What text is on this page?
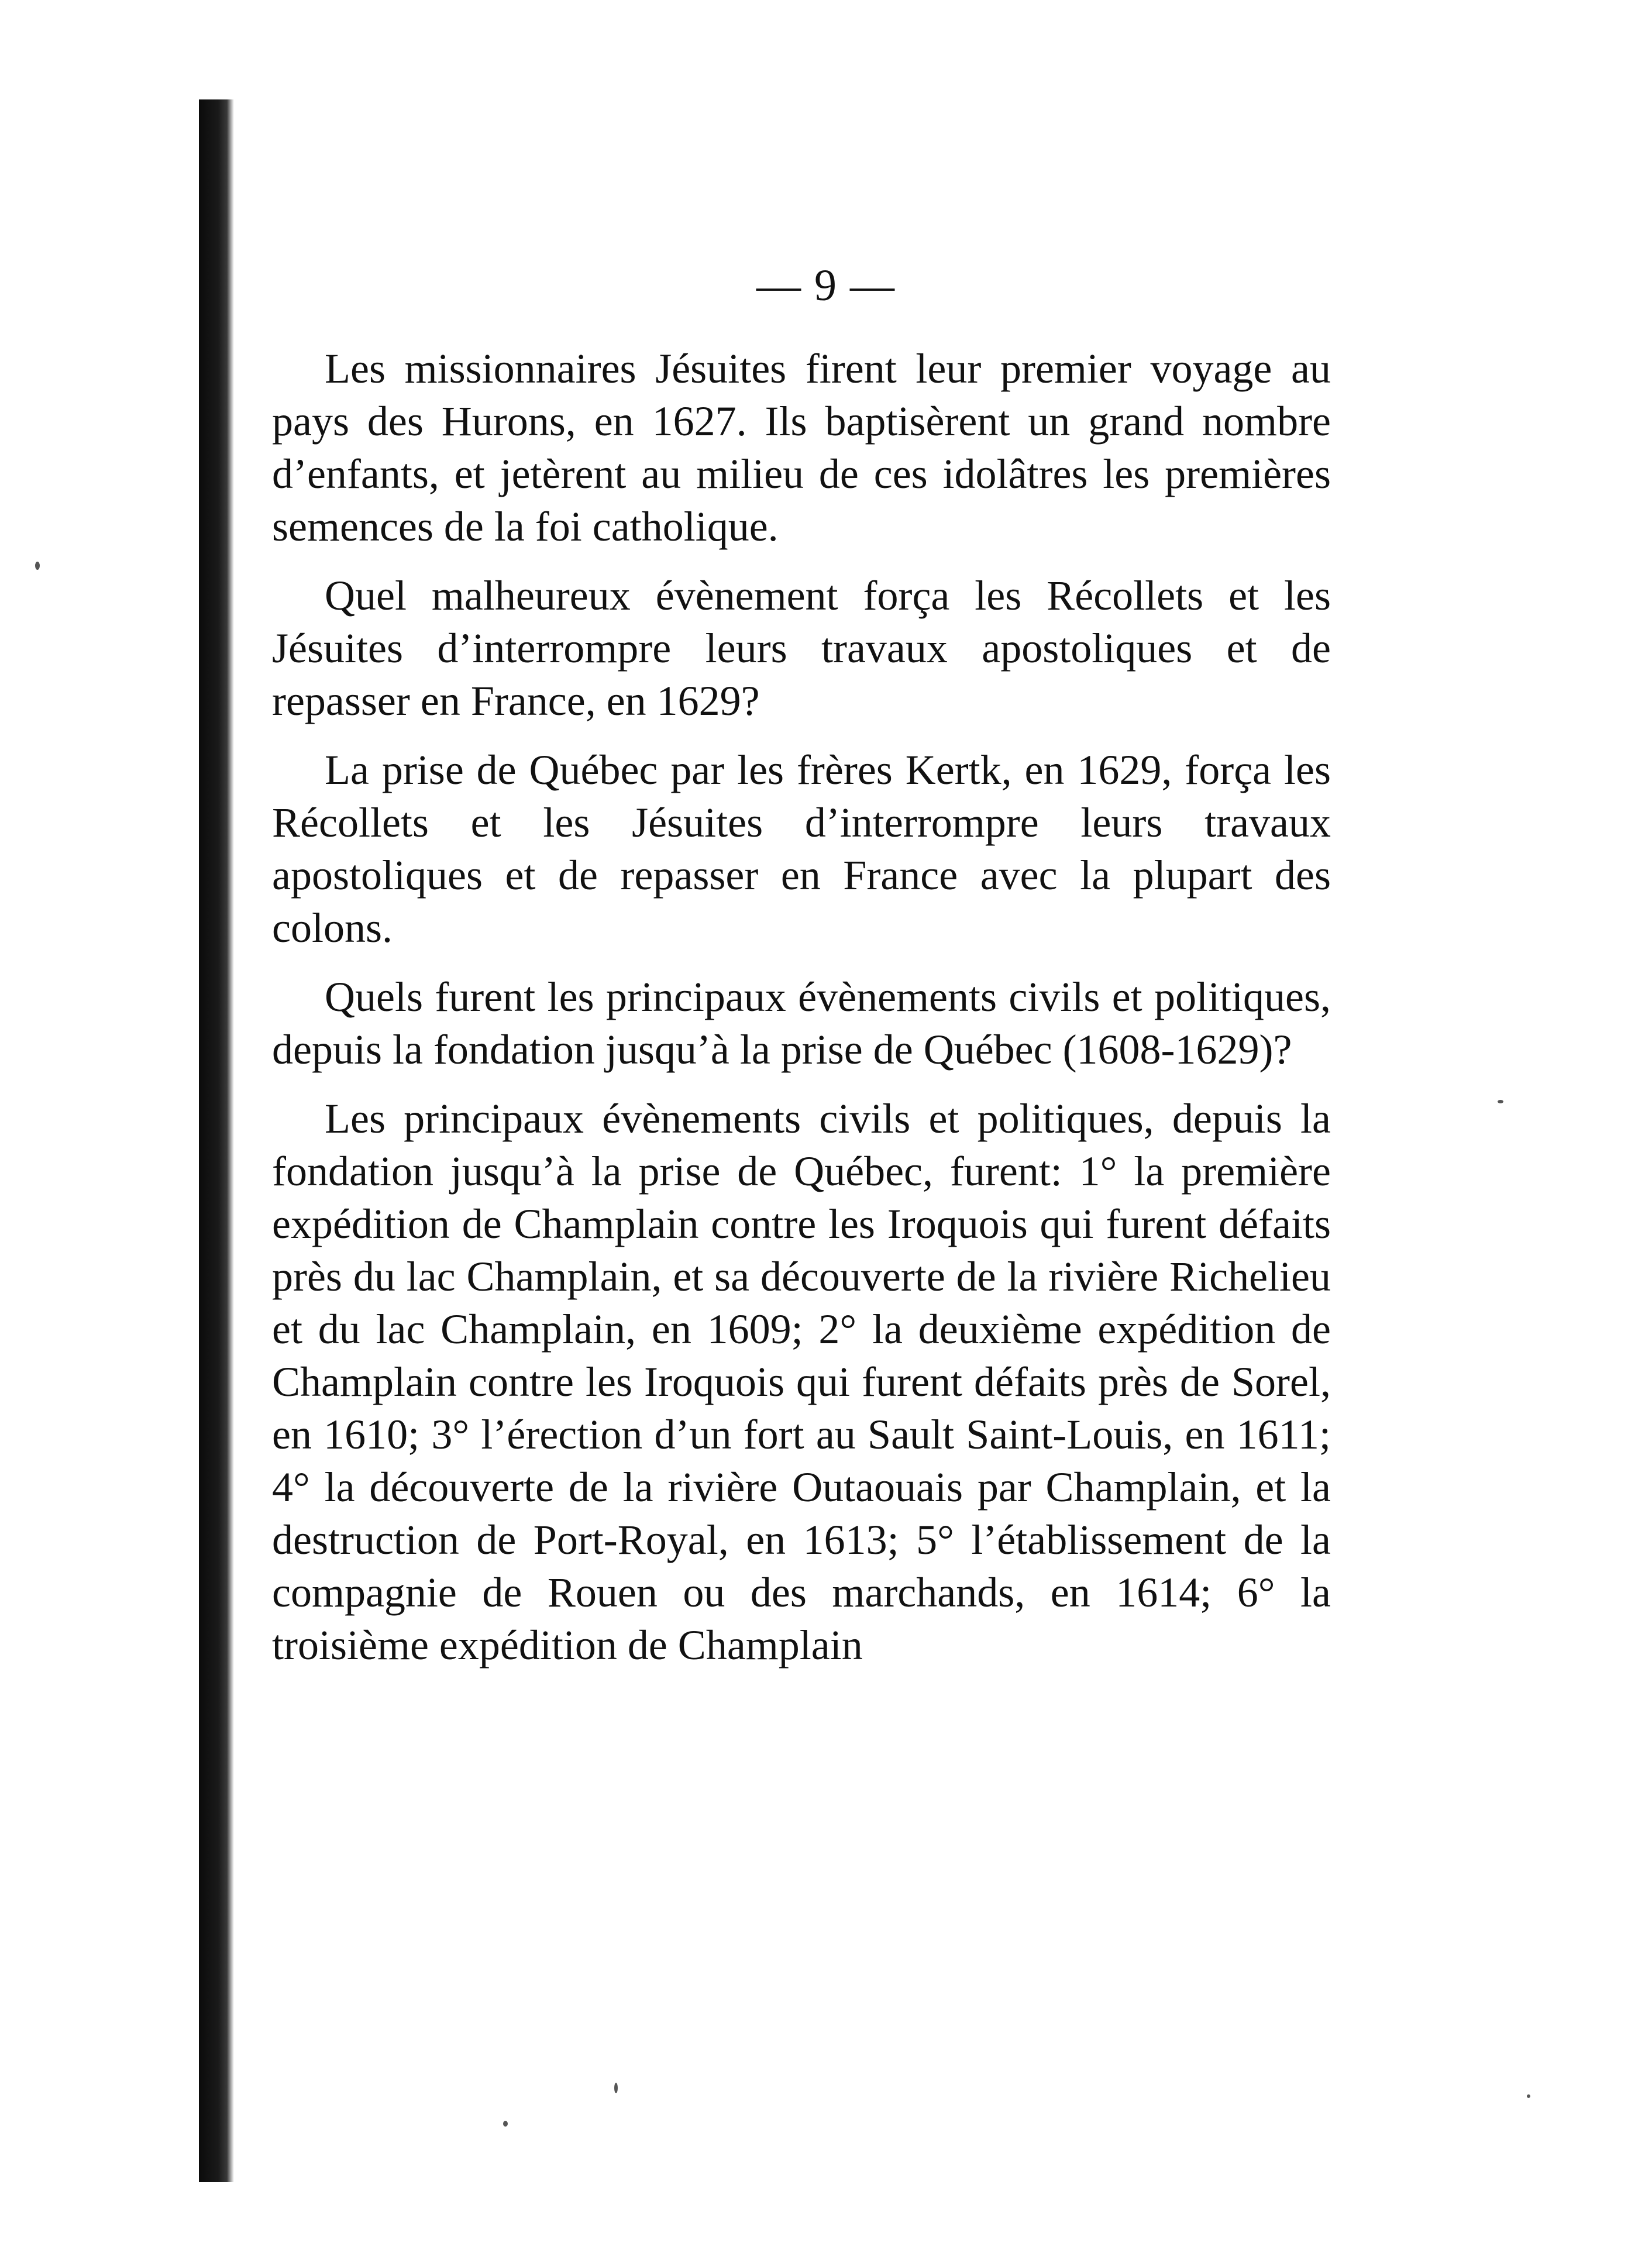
— 9 —

Les missionnaires Jésuites firent leur premier voyage au pays des Hurons, en 1627. Ils baptisèrent un grand nombre d’enfants, et jetèrent au milieu de ces idolâtres les premières semences de la foi catholique.

Quel malheureux évènement força les Récollets et les Jésuites d’interrompre leurs travaux apostoliques et de repasser en France, en 1629?

La prise de Québec par les frères Kertk, en 1629, força les Récollets et les Jésuites d’interrompre leurs travaux apostoliques et de repasser en France avec la plupart des colons.

Quels furent les principaux évènements civils et politiques, depuis la fondation jusqu’à la prise de Québec (1608-1629)?

Les principaux évènements civils et politiques, depuis la fondation jusqu’à la prise de Québec, furent: 1° la première expédition de Champlain contre les Iroquois qui furent défaits près du lac Champlain, et sa découverte de la rivière Richelieu et du lac Champlain, en 1609; 2° la deuxième expédition de Champlain contre les Iroquois qui furent défaits près de Sorel, en 1610; 3° l’érection d’un fort au Sault Saint-Louis, en 1611; 4° la découverte de la rivière Outaouais par Champlain, et la destruction de Port-Royal, en 1613; 5° l’établissement de la compagnie de Rouen ou des marchands, en 1614; 6° la troisième expédition de Champlain
